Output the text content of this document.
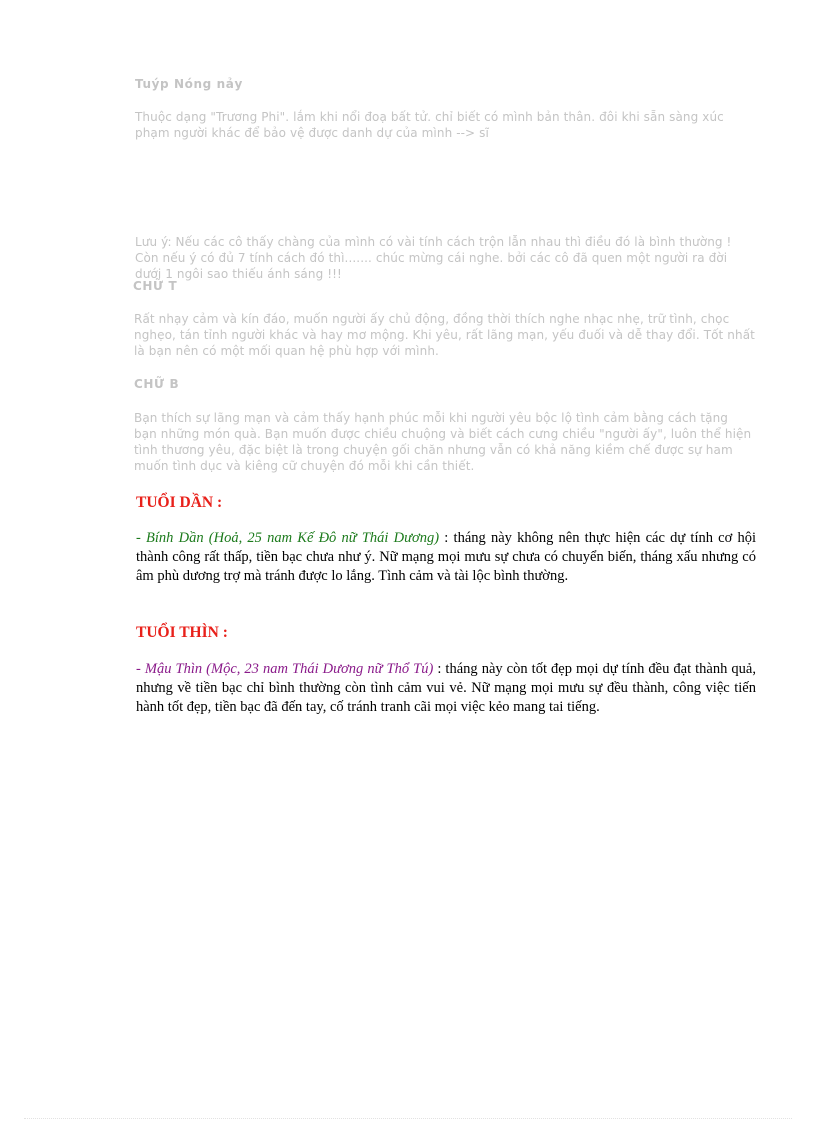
Tuýp Nóng nảy
Thuộc dạng "Trương Phi". lắm khi nổi đoạ bất tử. chỉ biết có mình bản thân. đôi khi sẵn sàng xúc phạm người khác để bảo vệ được danh dự của mình --> sĩ
Lưu ý: Nếu các cô thấy chàng của mình có vài tính cách trộn lẫn nhau thì điều đó là bình thường ! Còn nếu ý có đủ 7 tính cách đó thì....... chúc mừng cái nghe. bởi các cô đã quen một người ra đời dưới 1 ngôi sao thiếu ánh sáng !!!
CHỮ T
Rất nhạy cảm và kín đáo, muốn người ấy chủ động, đồng thời thích nghe nhạc nhẹ, trữ tình, chọc nghẹo, tán tỉnh người khác và hay mơ mộng. Khi yêu, rất lãng mạn, yếu đuối và dễ thay đổi. Tốt nhất là bạn nên có một mối quan hệ phù hợp với mình.
CHỮ B
Bạn thích sự lãng mạn và cảm thấy hạnh phúc mỗi khi người yêu bộc lộ tình cảm bằng cách tặng bạn những món quà. Bạn muốn được chiều chuộng và biết cách cưng chiều "người ấy", luôn thể hiện tình thương yêu, đặc biệt là trong chuyện gối chăn nhưng vẫn có khả năng kiềm chế được sự ham muốn tình dục và kiêng cữ chuyện đó mỗi khi cần thiết.
TUỔI DẦN :
- Bính Dần (Hoả, 25 nam Kế Đô nữ Thái Dương) : tháng này không nên thực hiện các dự tính cơ hội thành công rất thấp, tiền bạc chưa như ý. Nữ mạng mọi mưu sự chưa có chuyển biến, tháng xấu nhưng có âm phù dương trợ mà tránh được lo lắng. Tình cảm và tài lộc bình thường.
TUỔI THÌN :
- Mậu Thìn (Mộc, 23 nam Thái Dương nữ Thổ Tú) : tháng này còn tốt đẹp mọi dự tính đều đạt thành quả, nhưng về tiền bạc chỉ bình thường còn tình cảm vui vẻ. Nữ mạng mọi mưu sự đều thành, công việc tiến hành tốt đẹp, tiền bạc đã đến tay, cố tránh tranh cãi mọi việc kẻo mang tai tiếng.
